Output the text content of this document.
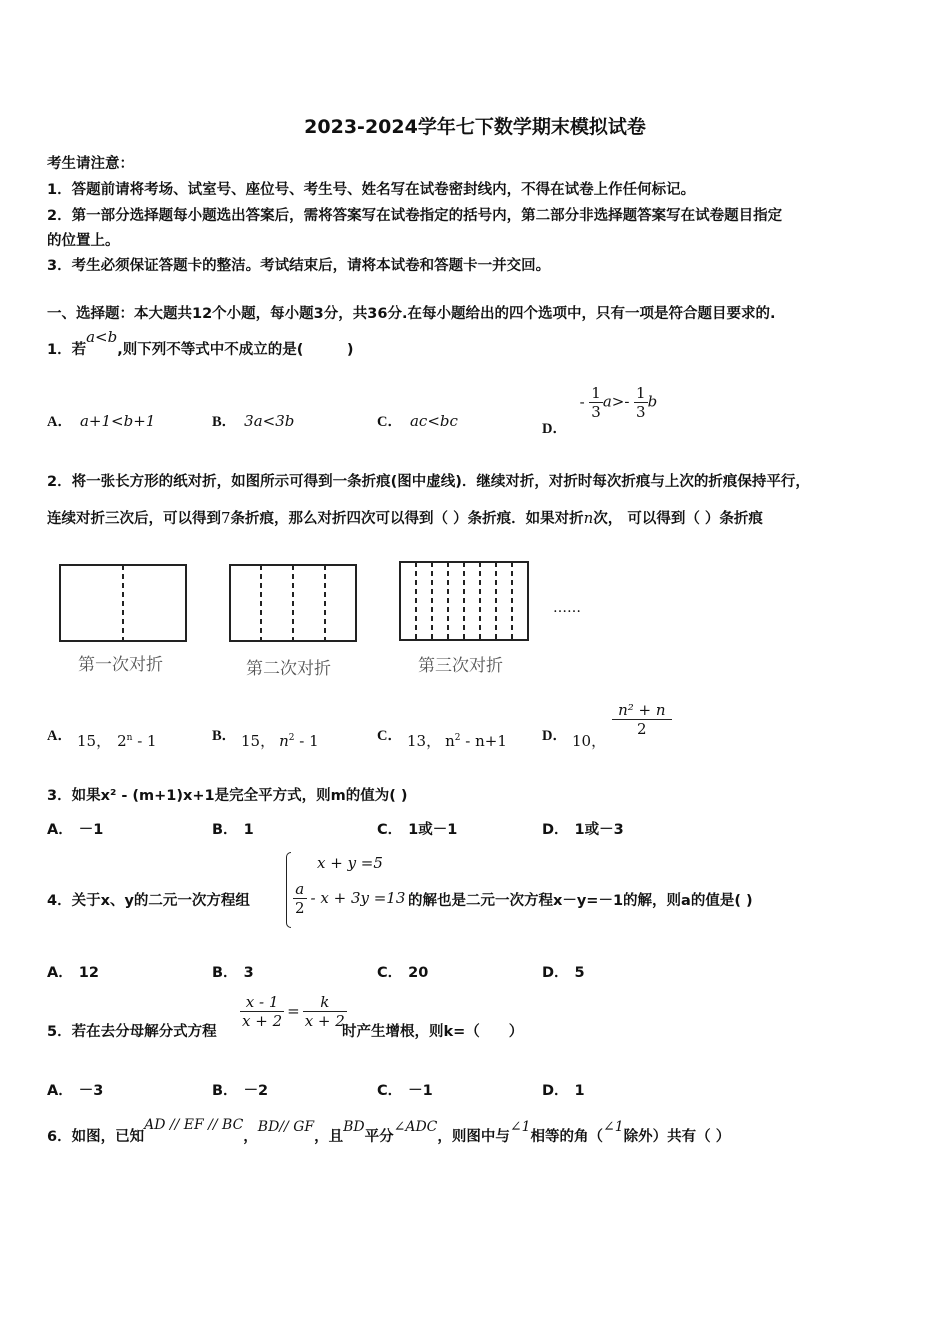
2023-2024学年七下数学期末模拟试卷
考生请注意：
1．答题前请将考场、试室号、座位号、考生号、姓名写在试卷密封线内，不得在试卷上作任何标记。
2．第一部分选择题每小题选出答案后，需将答案写在试卷指定的括号内，第二部分非选择题答案写在试卷题目指定
的位置上。
3．考生必须保证答题卡的整洁。考试结束后，请将本试卷和答题卡一并交回。
一、选择题：本大题共12个小题，每小题3分，共36分.在每小题给出的四个选项中，只有一项是符合题目要求的.
1．若a<b,则下列不等式中不成立的是(　　　)
A． a+1<b+1	B． 3a<3b	C． ac<bc	D． - $\frac{1}{3} a>- \frac{1}{3}$ b
2．将一张长方形的纸对折，如图所示可得到一条折痕(图中虚线)．继续对折，对折时每次折痕与上次的折痕保持平行，
连续对折三次后，可以得到7条折痕，那么对折四次可以得到（ ）条折痕．如果对折n次， 可以得到（ ）条折痕
第一次对折	第二次对折	第三次对折
……
A． 15， 2$^n$ - 1	B． 15， $n^2 - 1$	C． 13， $n^2 - n+1$ D． 10，
$\frac{\text{n² + n}}{2}$
3．如果x² - (m+1)x+1是完全平方式，则m的值为( )
A． －1	B． 1	C． 1或－1	D． 1或－3
4．关于x、y的二元一次方程组
x + y =5
$\frac{a}{2} - x + 3y =13$ 的解也是二元一次方程x－y=－1的解，则a的值是( )
A． 12	B． 3	C． 20	D． 5
5．若在去分母解分式方程
$\frac{x - 1}{x + 2} = \frac{k}{x + 2}$
时产生增根，则k=（　　）
A． －3	B． －2	C． －1	D． 1
6．如图，已知AD // EF // BC，BD// GF，且BD平分∠ADC，则图中与∠1相等的角（∠1除外）共有（ ）
